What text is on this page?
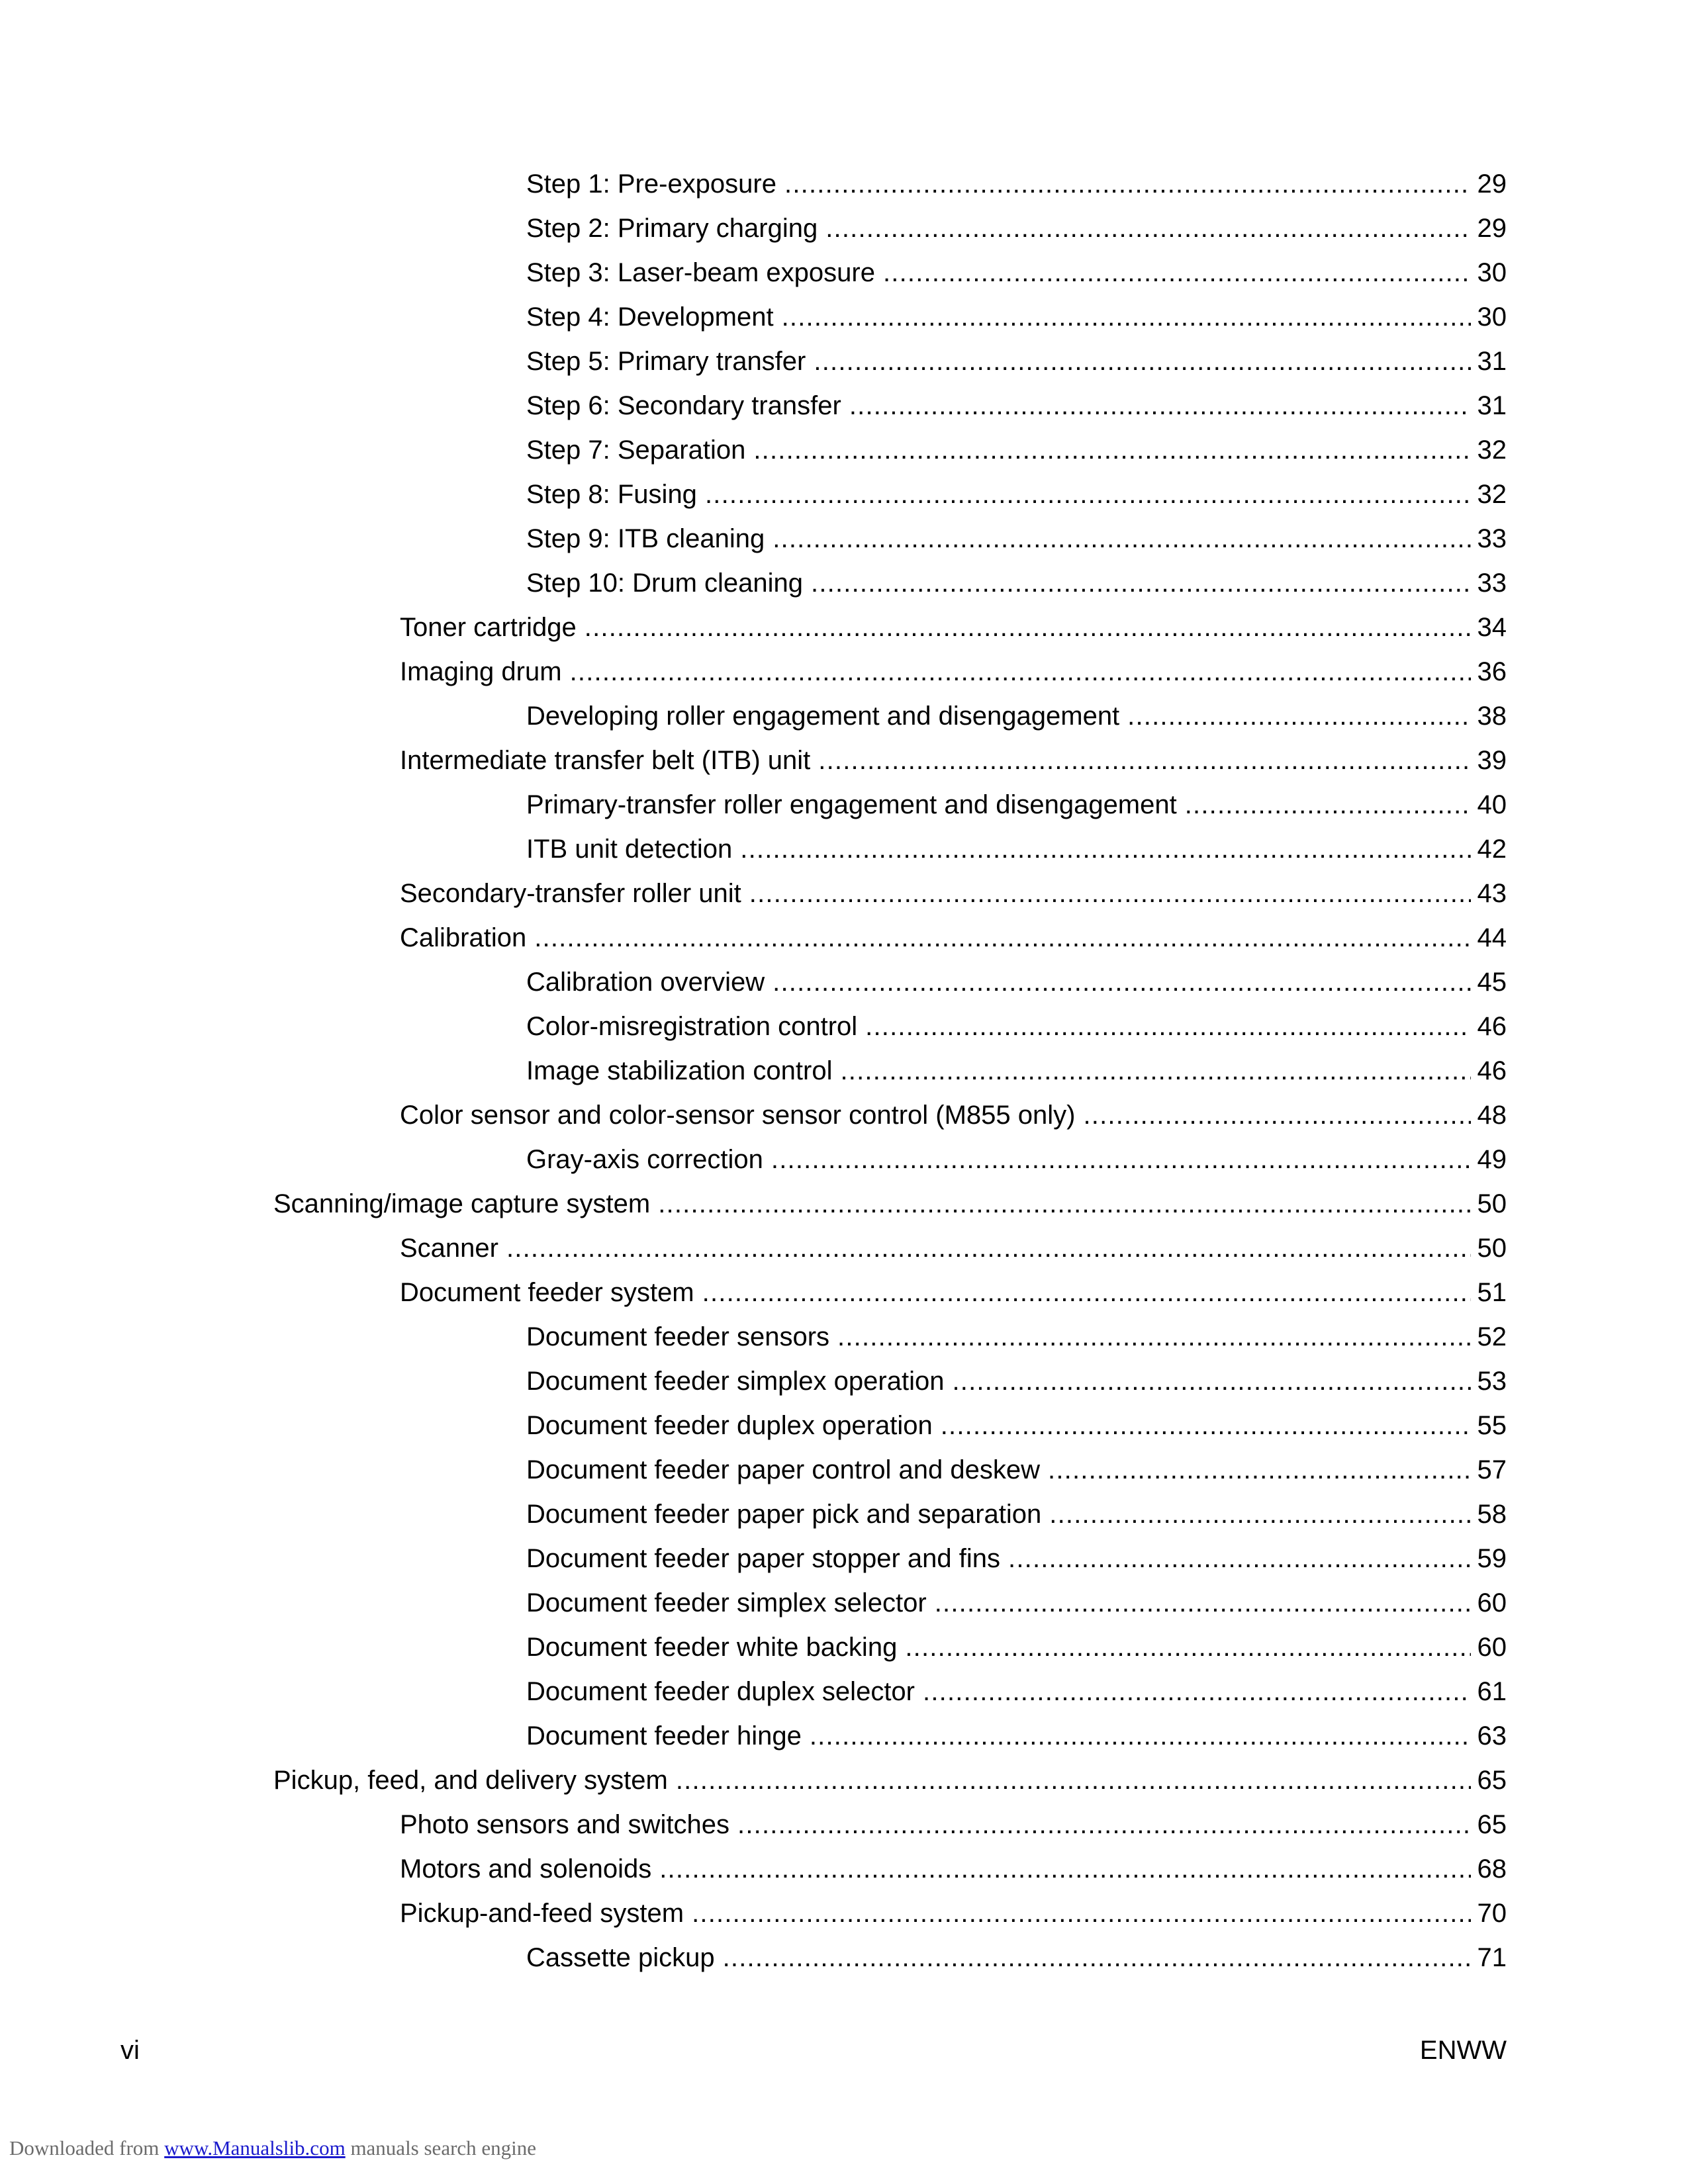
Step 1: Pre-exposure .....	29
Step 2: Primary charging .....	29
Step 3: Laser-beam exposure .....	30
Step 4: Development .....	30
Step 5: Primary transfer .....	31
Step 6: Secondary transfer .....	31
Step 7: Separation .....	32
Step 8: Fusing .....	32
Step 9: ITB cleaning .....	33
Step 10: Drum cleaning .....	33
Toner cartridge .....	34
Imaging drum .....	36
Developing roller engagement and disengagement .....	38
Intermediate transfer belt (ITB) unit .....	39
Primary-transfer roller engagement and disengagement .....	40
ITB unit detection .....	42
Secondary-transfer roller unit .....	43
Calibration .....	44
Calibration overview .....	45
Color-misregistration control .....	46
Image stabilization control .....	46
Color sensor and color-sensor sensor control (M855 only) .....	48
Gray-axis correction .....	49
Scanning/image capture system .....	50
Scanner .....	50
Document feeder system .....	51
Document feeder sensors .....	52
Document feeder simplex operation .....	53
Document feeder duplex operation .....	55
Document feeder paper control and deskew .....	57
Document feeder paper pick and separation .....	58
Document feeder paper stopper and fins .....	59
Document feeder simplex selector .....	60
Document feeder white backing .....	60
Document feeder duplex selector .....	61
Document feeder hinge .....	63
Pickup, feed, and delivery system .....	65
Photo sensors and switches .....	65
Motors and solenoids .....	68
Pickup-and-feed system .....	70
Cassette pickup .....	71
vi	ENWW
Downloaded from www.Manualslib.com manuals search engine
